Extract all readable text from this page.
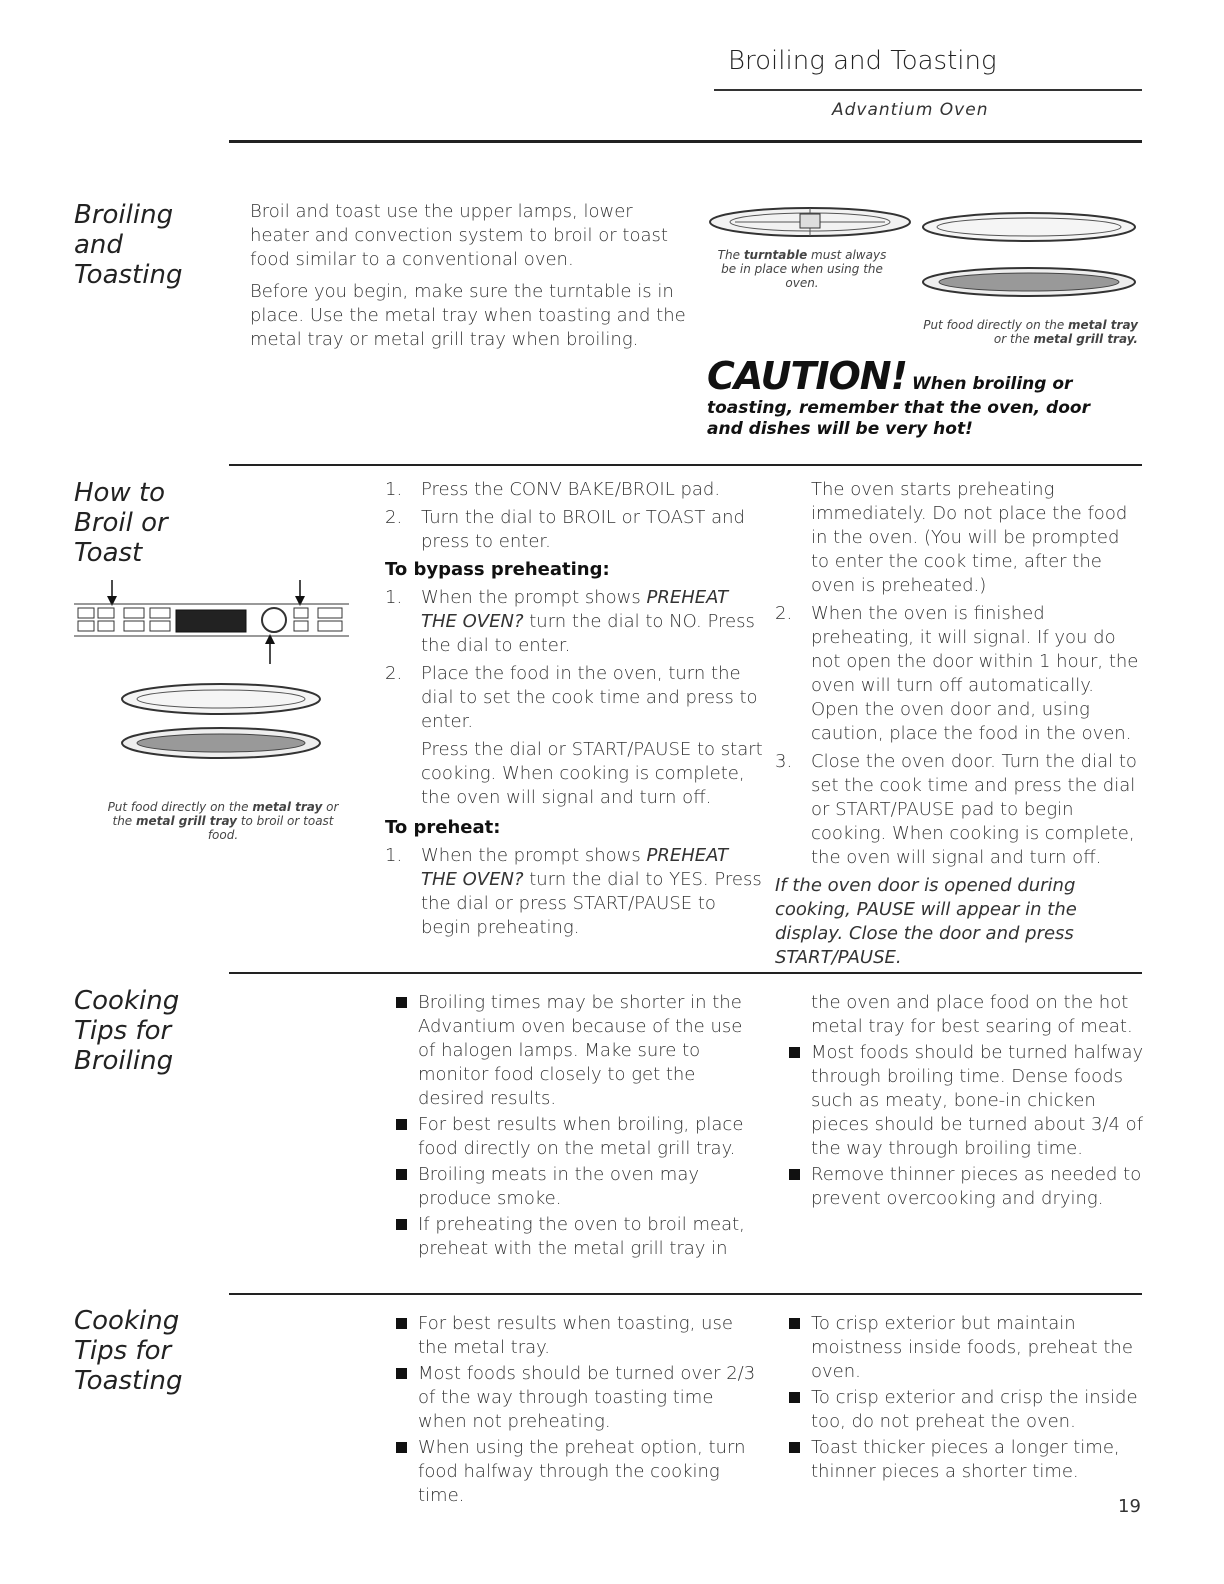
Broiling and Toasting
Advantium Oven
Broiling
and
Toasting

Broil and toast use the upper lamps, lower heater and convection system to broil or toast food similar to a conventional oven.

Before you begin, make sure the turntable is in place. Use the metal tray when toasting and the metal tray or metal grill tray when broiling.

The turntable must always be in place when using the oven.
Put food directly on the metal tray or the metal grill tray.
CAUTION! When broiling or toasting, remember that the oven, door and dishes will be very hot!
How to
Broil or
Toast
Put food directly on the metal tray or the metal grill tray to broil or toast food.
1. Press the CONV BAKE/BROIL pad.
2. Turn the dial to BROIL or TOAST and press to enter.
To bypass preheating:
1. When the prompt shows PREHEAT THE OVEN? turn the dial to NO. Press the dial to enter.
2. Place the food in the oven, turn the dial to set the cook time and press to enter.
Press the dial or START/PAUSE to start cooking. When cooking is complete, the oven will signal and turn off.
To preheat:
1. When the prompt shows PREHEAT THE OVEN? turn the dial to YES. Press the dial or press START/PAUSE to begin preheating.
The oven starts preheating immediately. Do not place the food in the oven. (You will be prompted to enter the cook time, after the oven is preheated.)
2. When the oven is finished preheating, it will signal. If you do not open the door within 1 hour, the oven will turn off automatically. Open the oven door and, using caution, place the food in the oven.
3. Close the oven door. Turn the dial to set the cook time and press the dial or START/PAUSE pad to begin cooking. When cooking is complete, the oven will signal and turn off.
If the oven door is opened during cooking, PAUSE will appear in the display. Close the door and press START/PAUSE.
Cooking
Tips for
Broiling
Broiling times may be shorter in the Advantium oven because of the use of halogen lamps. Make sure to monitor food closely to get the desired results.
For best results when broiling, place food directly on the metal grill tray.
Broiling meats in the oven may produce smoke.
If preheating the oven to broil meat, preheat with the metal grill tray in
the oven and place food on the hot metal tray for best searing of meat.
Most foods should be turned halfway through broiling time. Dense foods such as meaty, bone-in chicken pieces should be turned about 3/4 of the way through broiling time.
Remove thinner pieces as needed to prevent overcooking and drying.
Cooking
Tips for
Toasting
For best results when toasting, use the metal tray.
Most foods should be turned over 2/3 of the way through toasting time when not preheating.
When using the preheat option, turn food halfway through the cooking time.
To crisp exterior but maintain moistness inside foods, preheat the oven.
To crisp exterior and crisp the inside too, do not preheat the oven.
Toast thicker pieces a longer time, thinner pieces a shorter time.
19
